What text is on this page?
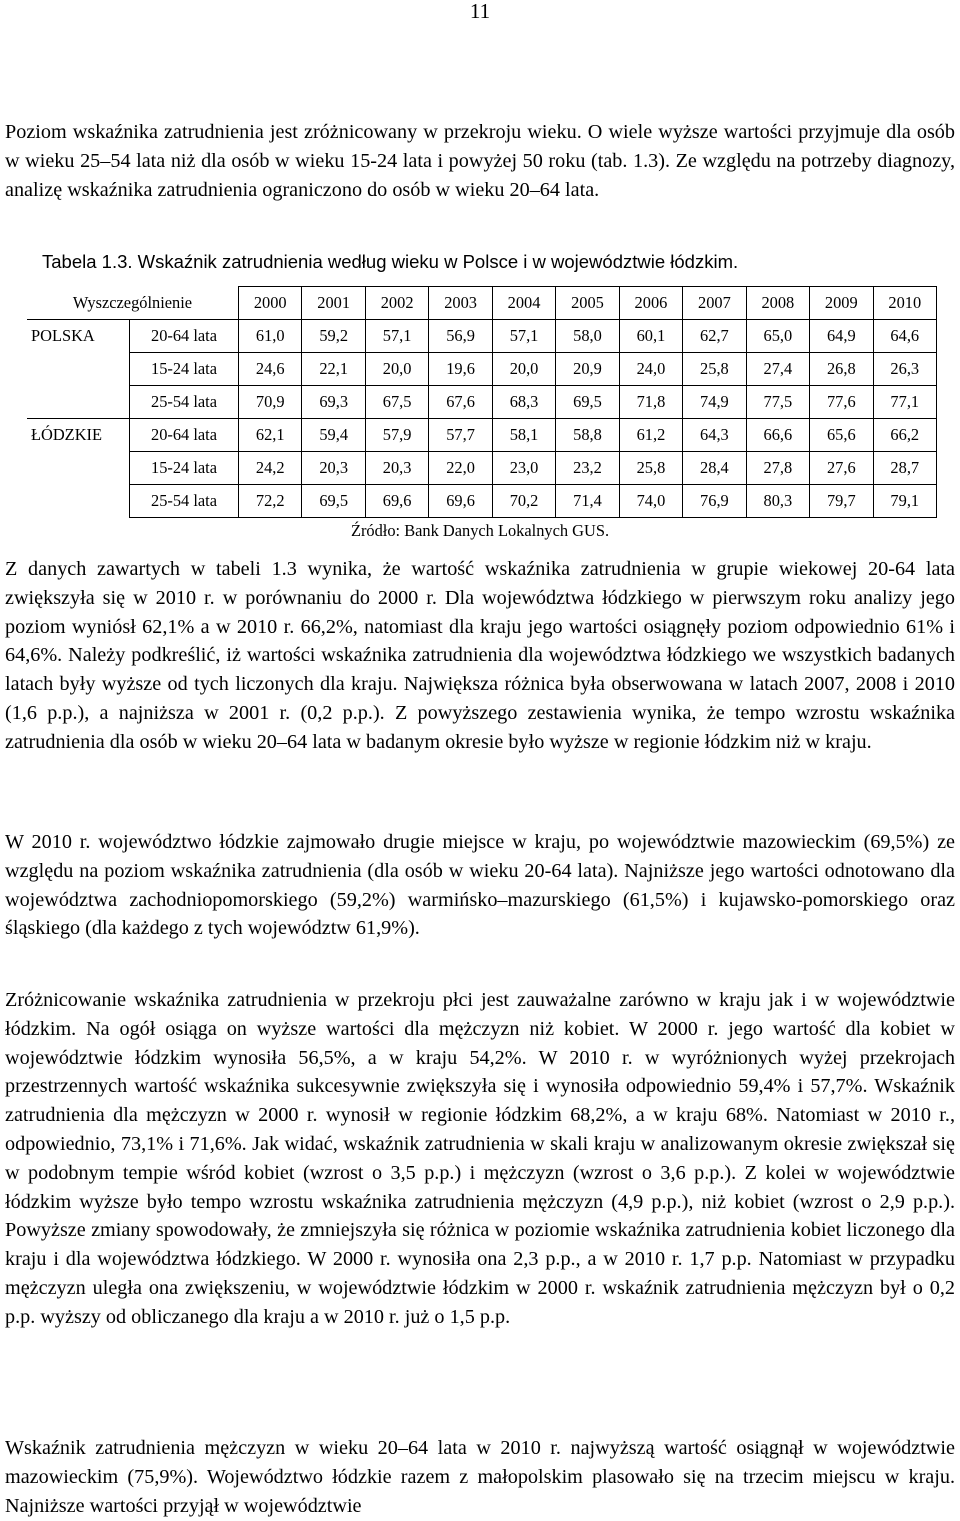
11

Poziom wskaźnika zatrudnienia jest zróżnicowany w przekroju wieku. O wiele wyższe wartości przyjmuje dla osób w wieku 25–54 lata niż dla osób w wieku 15-24 lata i powyżej 50 roku (tab. 1.3). Ze względu na potrzeby diagnozy, analizę wskaźnika zatrudnienia ograniczono do osób w wieku 20–64 lata.

Tabela 1.3. Wskaźnik zatrudnienia według wieku w Polsce i w województwie łódzkim.

Wyszczególnienie		2000	2001	2002	2003	2004	2005	2006	2007	2008	2009	2010
POLSKA	20-64 lata	61,0	59,2	57,1	56,9	57,1	58,0	60,1	62,7	65,0	64,9	64,6
	15-24 lata	24,6	22,1	20,0	19,6	20,0	20,9	24,0	25,8	27,4	26,8	26,3
	25-54 lata	70,9	69,3	67,5	67,6	68,3	69,5	71,8	74,9	77,5	77,6	77,1
ŁÓDZKIE	20-64 lata	62,1	59,4	57,9	57,7	58,1	58,8	61,2	64,3	66,6	65,6	66,2
	15-24 lata	24,2	20,3	20,3	22,0	23,0	23,2	25,8	28,4	27,8	27,6	28,7
	25-54 lata	72,2	69,5	69,6	69,6	70,2	71,4	74,0	76,9	80,3	79,7	79,1
Źródło: Bank Danych Lokalnych GUS.

Z danych zawartych w tabeli 1.3 wynika, że wartość wskaźnika zatrudnienia w grupie wiekowej 20-64 lata zwiększyła się w 2010 r. w porównaniu do 2000 r. Dla województwa łódzkiego w pierwszym roku analizy jego poziom wyniósł 62,1% a w 2010 r. 66,2%, natomiast dla kraju jego wartości osiągnęły poziom odpowiednio 61% i 64,6%. Należy podkreślić, iż wartości wskaźnika zatrudnienia dla województwa łódzkiego we wszystkich badanych latach były wyższe od tych liczonych dla kraju. Największa różnica była obserwowana w latach 2007, 2008 i 2010 (1,6 p.p.), a najniższa w 2001 r. (0,2 p.p.). Z powyższego zestawienia wynika, że tempo wzrostu wskaźnika zatrudnienia dla osób w wieku 20–64 lata w badanym okresie było wyższe w regionie łódzkim niż w kraju.

W 2010 r. województwo łódzkie zajmowało drugie miejsce w kraju, po województwie mazowieckim (69,5%) ze względu na poziom wskaźnika zatrudnienia (dla osób w wieku 20-64 lata). Najniższe jego wartości odnotowano dla województwa zachodniopomorskiego (59,2%) warmińsko–mazurskiego (61,5%) i kujawsko-pomorskiego oraz śląskiego (dla każdego z tych województw 61,9%).

Zróżnicowanie wskaźnika zatrudnienia w przekroju płci jest zauważalne zarówno w kraju jak i w województwie łódzkim. Na ogół osiąga on wyższe wartości dla mężczyzn niż kobiet. W 2000 r. jego wartość dla kobiet w województwie łódzkim wynosiła 56,5%, a w kraju 54,2%. W 2010 r. w wyróżnionych wyżej przekrojach przestrzennych wartość wskaźnika sukcesywnie zwiększyła się i wynosiła odpowiednio 59,4% i 57,7%. Wskaźnik zatrudnienia dla mężczyzn w 2000 r. wynosił w regionie łódzkim 68,2%, a w kraju 68%. Natomiast w 2010 r., odpowiednio, 73,1% i 71,6%. Jak widać, wskaźnik zatrudnienia w skali kraju w analizowanym okresie zwiększał się w podobnym tempie wśród kobiet (wzrost o 3,5 p.p.) i mężczyzn (wzrost o 3,6 p.p.). Z kolei w województwie łódzkim wyższe było tempo wzrostu wskaźnika zatrudnienia mężczyzn (4,9 p.p.), niż kobiet (wzrost o 2,9 p.p.). Powyższe zmiany spowodowały, że zmniejszyła się różnica w poziomie wskaźnika zatrudnienia kobiet liczonego dla kraju i dla województwa łódzkiego. W 2000 r. wynosiła ona 2,3 p.p., a w 2010 r. 1,7 p.p. Natomiast w przypadku mężczyzn uległa ona zwiększeniu, w województwie łódzkim w 2000 r. wskaźnik zatrudnienia mężczyzn był o 0,2 p.p. wyższy od obliczanego dla kraju a w 2010 r. już o 1,5 p.p.

Wskaźnik zatrudnienia mężczyzn w wieku 20–64 lata w 2010 r. najwyższą wartość osiągnął w województwie mazowieckim (75,9%). Województwo łódzkie razem z małopolskim plasowało się na trzecim miejscu w kraju. Najniższe wartości przyjął w województwie
